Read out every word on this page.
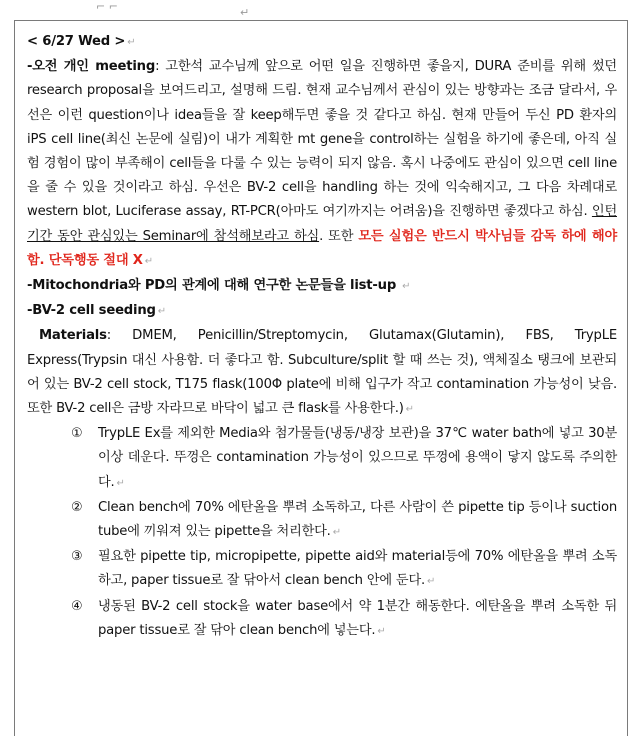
⌐ ⌐	↵

< 6/27 Wed > ↵

-오전 개인 meeting: 고한석 교수님께 앞으로 어떤 일을 진행하면 좋을지, DURA 준비를 위해 썼던 research proposal을 보여드리고, 설명해 드림. 현재 교수님께서 관심이 있는 방향과는 조금 달라서, 우선은 이런 question이나 idea들을 잘 keep해두면 좋을 것 같다고 하심. 현재 만들어 두신 PD 환자의 iPS cell line(최신 논문에 실림)이 내가 계획한 mt gene을 control하는 실험을 하기에 좋은데, 아직 실험 경험이 많이 부족해이 cell들을 다룰 수 있는 능력이 되지 않음. 혹시 나중에도 관심이 있으면 cell line을 줄 수 있을 것이라고 하심. 우선은 BV-2 cell을 handling 하는 것에 익숙해지고, 그 다음 차례대로 western blot, Luciferase assay, RT-PCR(아마도 여기까지는 어려움)을 진행하면 좋겠다고 하심. 인턴 기간 동안 관심있는 Seminar에 참석해보라고 하심. 또한 모든 실험은 반드시 박사님들 감독 하에 해야 함. 단독행동 절대 X ↵

-Mitochondria와 PD의 관계에 대해 연구한 논문들을 list-up ↵

-BV-2 cell seeding ↵

Materials: DMEM, Penicillin/Streptomycin, Glutamax(Glutamin), FBS, TrypLE Express(Trypsin 대신 사용함. 더 좋다고 함. Subculture/split 할 때 쓰는 것), 액체질소 탱크에 보관되어 있는 BV-2 cell stock, T175 flask(100Φ plate에 비해 입구가 작고 contamination 가능성이 낮음. 또한 BV-2 cell은 금방 자라므로 바닥이 넓고 큰 flask를 사용한다.) ↵

① TrypLE Ex를 제외한 Media와 첨가물들(냉동/냉장 보관)을 37℃ water bath에 넣고 30분 이상 데운다. 뚜껑은 contamination 가능성이 있으므로 뚜껑에 용액이 닿지 않도록 주의한다. ↵
② Clean bench에 70% 에탄올을 뿌려 소독하고, 다른 사람이 쓴 pipette tip 등이나 suction tube에 끼워져 있는 pipette을 처리한다. ↵
③ 필요한 pipette tip, micropipette, pipette aid와 material등에 70% 에탄올을 뿌려 소독하고, paper tissue로 잘 닦아서 clean bench 안에 둔다. ↵
④ 냉동된 BV-2 cell stock을 water base에서 약 1분간 해동한다. 에탄올을 뿌려 소독한 뒤 paper tissue로 잘 닦아 clean bench에 넣는다. ↵
